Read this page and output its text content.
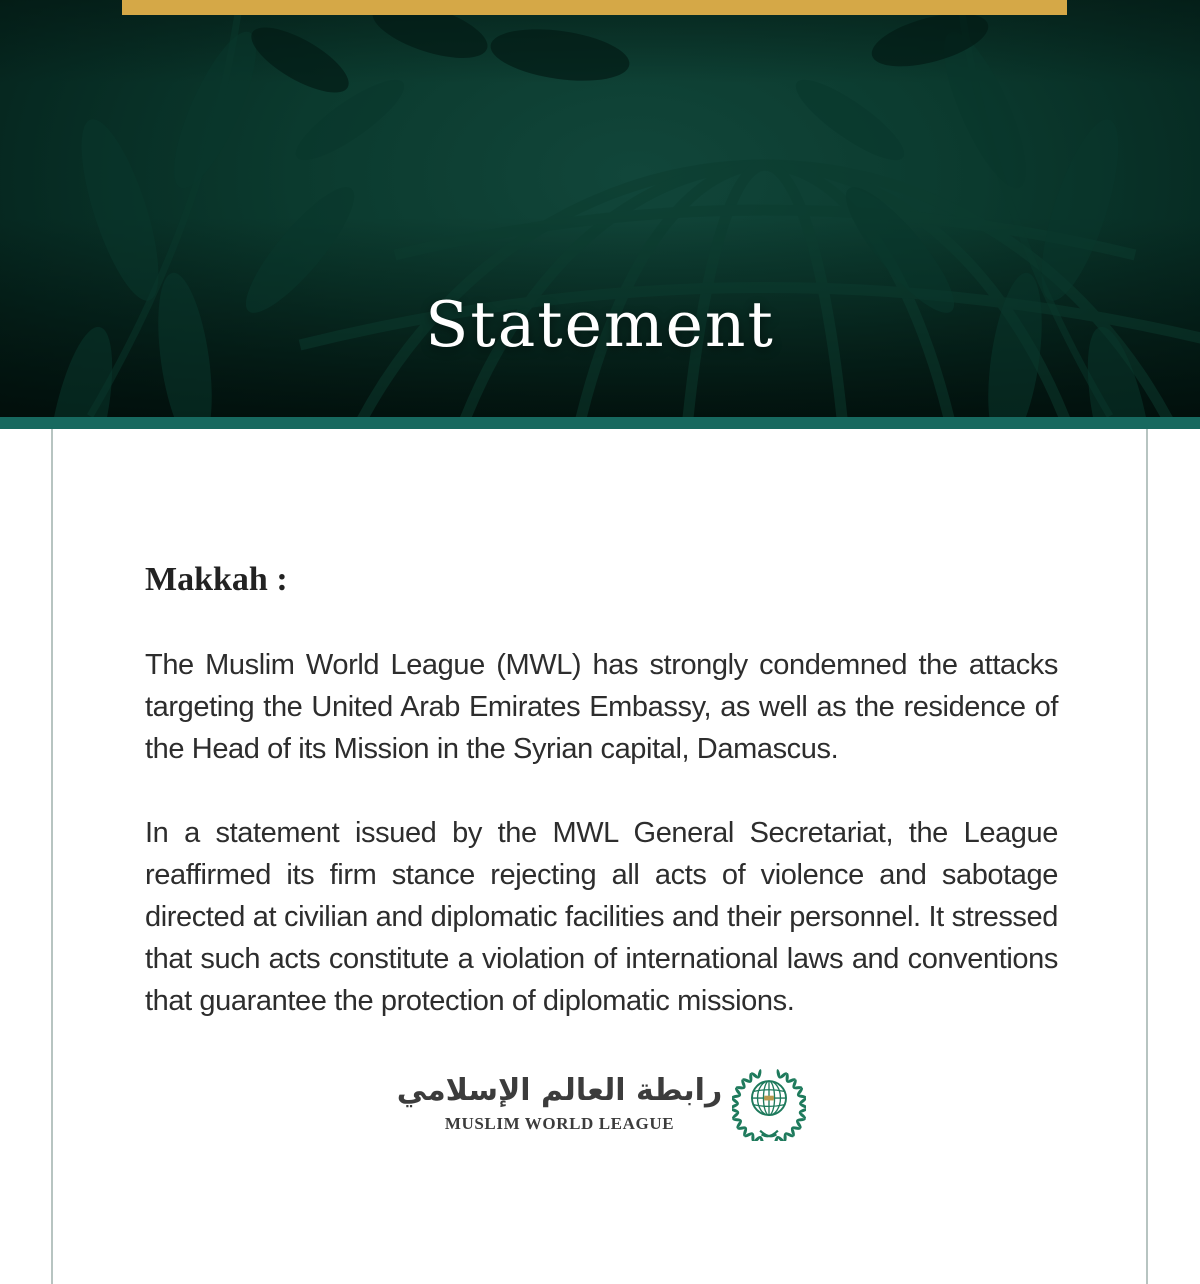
Statement
Makkah :

The Muslim World League (MWL) has strongly condemned the attacks targeting the United Arab Emirates Embassy, as well as the residence of the Head of its Mission in the Syrian capital, Damascus.

In a statement issued by the MWL General Secretariat, the League reaffirmed its firm stance rejecting all acts of violence and sabotage directed at civilian and diplomatic facilities and their personnel. It stressed that such acts constitute a violation of international laws and conventions that guarantee the protection of diplomatic missions.

رابطة العالم الإسلامي
MUSLIM WORLD LEAGUE
